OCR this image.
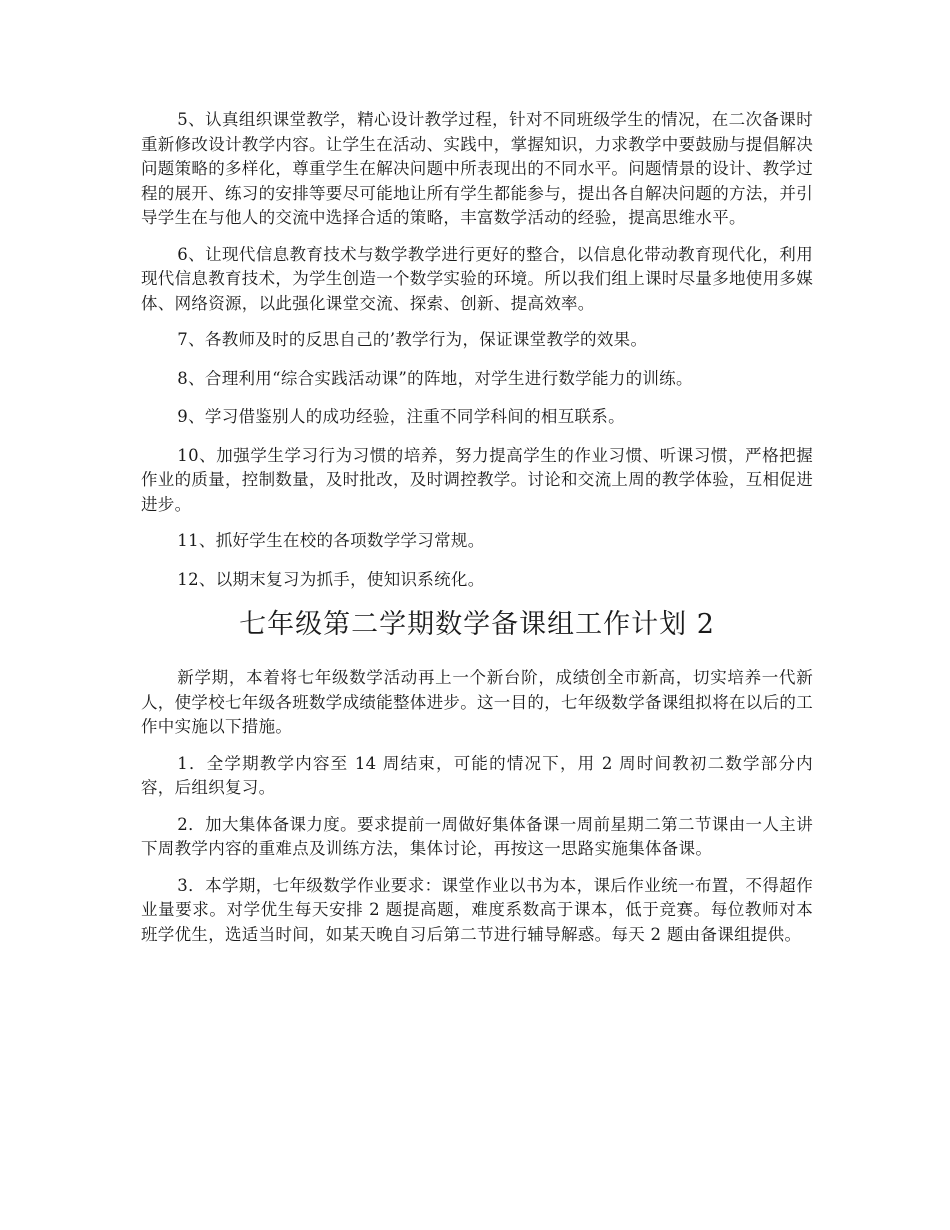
5、认真组织课堂教学，精心设计教学过程，针对不同班级学生的情况，在二次备课时重新修改设计教学内容。让学生在活动、实践中，掌握知识，力求教学中要鼓励与提倡解决问题策略的多样化，尊重学生在解决问题中所表现出的不同水平。问题情景的设计、教学过程的展开、练习的安排等要尽可能地让所有学生都能参与，提出各自解决问题的方法，并引导学生在与他人的交流中选择合适的策略，丰富数学活动的经验，提高思维水平。

6、让现代信息教育技术与数学教学进行更好的整合，以信息化带动教育现代化，利用现代信息教育技术，为学生创造一个数学实验的环境。所以我们组上课时尽量多地使用多媒体、网络资源，以此强化课堂交流、探索、创新、提高效率。

7、各教师及时的反思自己的’教学行为，保证课堂教学的效果。

8、合理利用“综合实践活动课”的阵地，对学生进行数学能力的训练。

9、学习借鉴别人的成功经验，注重不同学科间的相互联系。

10、加强学生学习行为习惯的培养，努力提高学生的作业习惯、听课习惯，严格把握作业的质量，控制数量，及时批改，及时调控教学。讨论和交流上周的教学体验，互相促进进步。

11、抓好学生在校的各项数学学习常规。

12、以期末复习为抓手，使知识系统化。

七年级第二学期数学备课组工作计划 2

新学期，本着将七年级数学活动再上一个新台阶，成绩创全市新高，切实培养一代新人，使学校七年级各班数学成绩能整体进步。这一目的，七年级数学备课组拟将在以后的工作中实施以下措施。

1．全学期教学内容至 14 周结束，可能的情况下，用 2 周时间教初二数学部分内容，后组织复习。

2．加大集体备课力度。要求提前一周做好集体备课一周前星期二第二节课由一人主讲下周教学内容的重难点及训练方法，集体讨论，再按这一思路实施集体备课。

3．本学期，七年级数学作业要求：课堂作业以书为本，课后作业统一布置，不得超作业量要求。对学优生每天安排 2 题提高题，难度系数高于课本，低于竞赛。每位教师对本班学优生，选适当时间，如某天晚自习后第二节进行辅导解惑。每天 2 题由备课组提供。
